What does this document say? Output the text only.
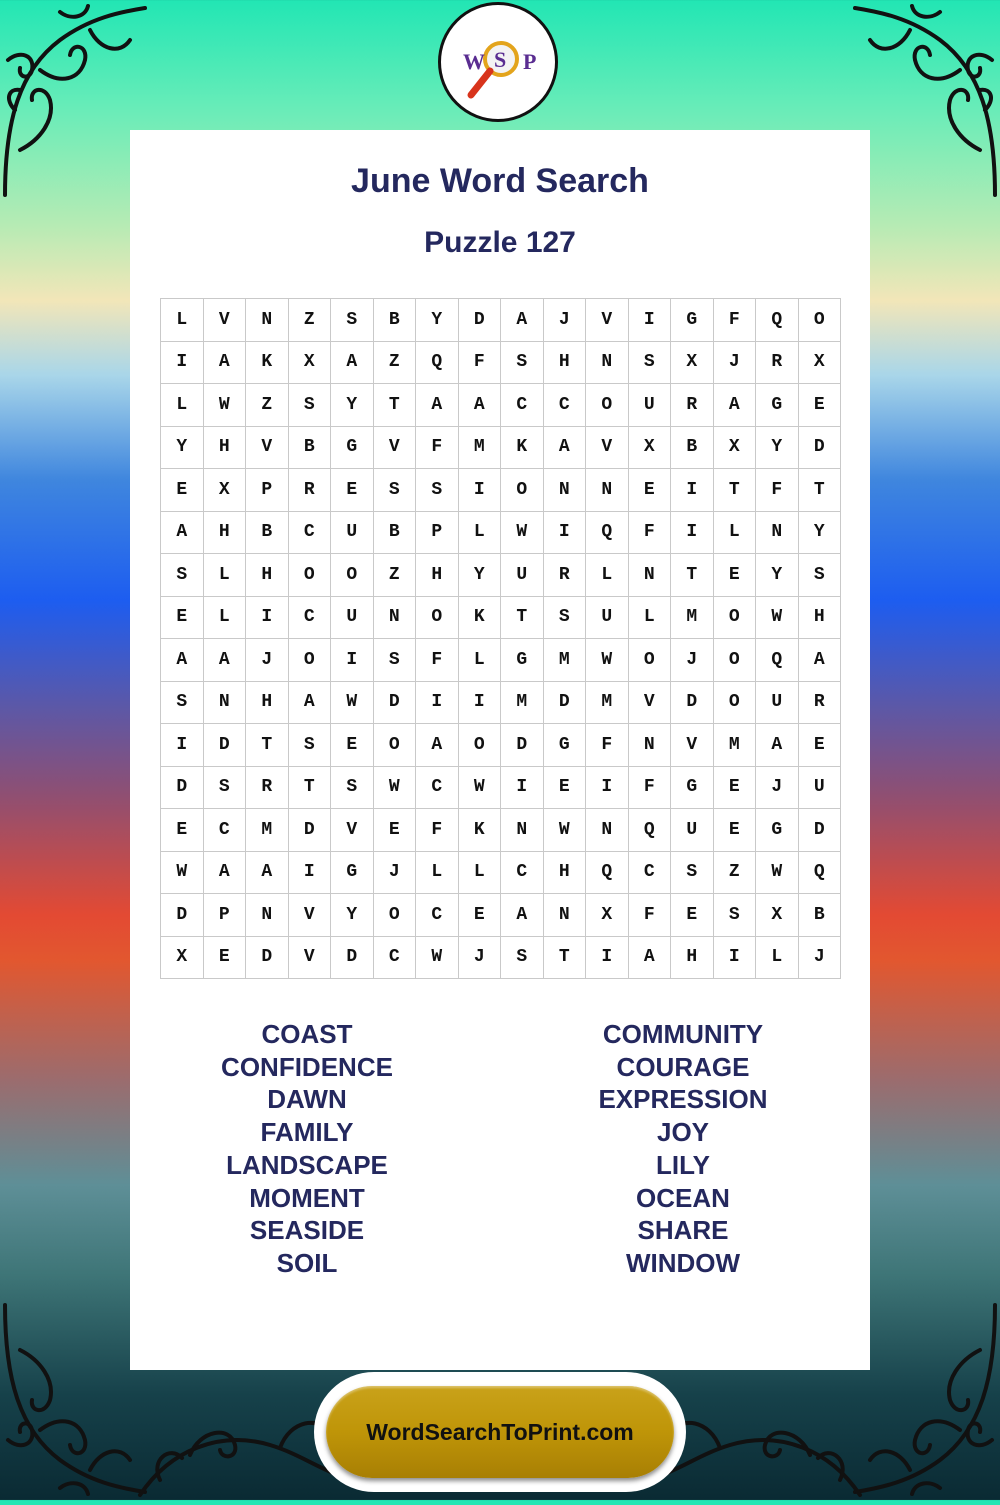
W S P
June Word Search
Puzzle 127
L	V	N	Z	S	B	Y	D	A	J	V	I	G	F	Q	O
I	A	K	X	A	Z	Q	F	S	H	N	S	X	J	R	X
L	W	Z	S	Y	T	A	A	C	C	O	U	R	A	G	E
Y	H	V	B	G	V	F	M	K	A	V	X	B	X	Y	D
E	X	P	R	E	S	S	I	O	N	N	E	I	T	F	T
A	H	B	C	U	B	P	L	W	I	Q	F	I	L	N	Y
S	L	H	O	O	Z	H	Y	U	R	L	N	T	E	Y	S
E	L	I	C	U	N	O	K	T	S	U	L	M	O	W	H
A	A	J	O	I	S	F	L	G	M	W	O	J	O	Q	A
S	N	H	A	W	D	I	I	M	D	M	V	D	O	U	R
I	D	T	S	E	O	A	O	D	G	F	N	V	M	A	E
D	S	R	T	S	W	C	W	I	E	I	F	G	E	J	U
E	C	M	D	V	E	F	K	N	W	N	Q	U	E	G	D
W	A	A	I	G	J	L	L	C	H	Q	C	S	Z	W	Q
D	P	N	V	Y	O	C	E	A	N	X	F	E	S	X	B
X	E	D	V	D	C	W	J	S	T	I	A	H	I	L	J
COAST
CONFIDENCE
DAWN
FAMILY
LANDSCAPE
MOMENT
SEASIDE
SOIL
COMMUNITY
COURAGE
EXPRESSION
JOY
LILY
OCEAN
SHARE
WINDOW
WordSearchToPrint.com
